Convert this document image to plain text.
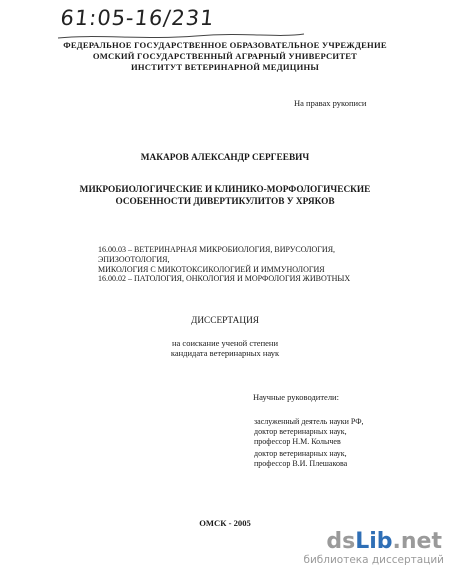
61:05-16/231
ФЕДЕРАЛЬНОЕ ГОСУДАРСТВЕННОЕ ОБРАЗОВАТЕЛЬНОЕ УЧРЕЖДЕНИЕ
ОМСКИЙ ГОСУДАРСТВЕННЫЙ АГРАРНЫЙ УНИВЕРСИТЕТ
ИНСТИТУТ ВЕТЕРИНАРНОЙ МЕДИЦИНЫ
На правах рукописи
МАКАРОВ АЛЕКСАНДР СЕРГЕЕВИЧ
МИКРОБИОЛОГИЧЕСКИЕ И КЛИНИКО-МОРФОЛОГИЧЕСКИЕ
ОСОБЕННОСТИ ДИВЕРТИКУЛИТОВ У ХРЯКОВ
16.00.03 – ВЕТЕРИНАРНАЯ МИКРОБИОЛОГИЯ, ВИРУСОЛОГИЯ, ЭПИЗООТОЛОГИЯ,
МИКОЛОГИЯ С МИКОТОКСИКОЛОГИЕЙ И ИММУНОЛОГИЯ
16.00.02 – ПАТОЛОГИЯ, ОНКОЛОГИЯ И МОРФОЛОГИЯ ЖИВОТНЫХ
ДИССЕРТАЦИЯ
на соискание ученой степени
кандидата ветеринарных наук
Научные руководители:
заслуженный деятель науки РФ,
доктор ветеринарных наук,
профессор Н.М. Колычев
доктор ветеринарных наук,
профессор В.И. Плешакова
ОМСК - 2005
dsLib.net
библиотека диссертаций
